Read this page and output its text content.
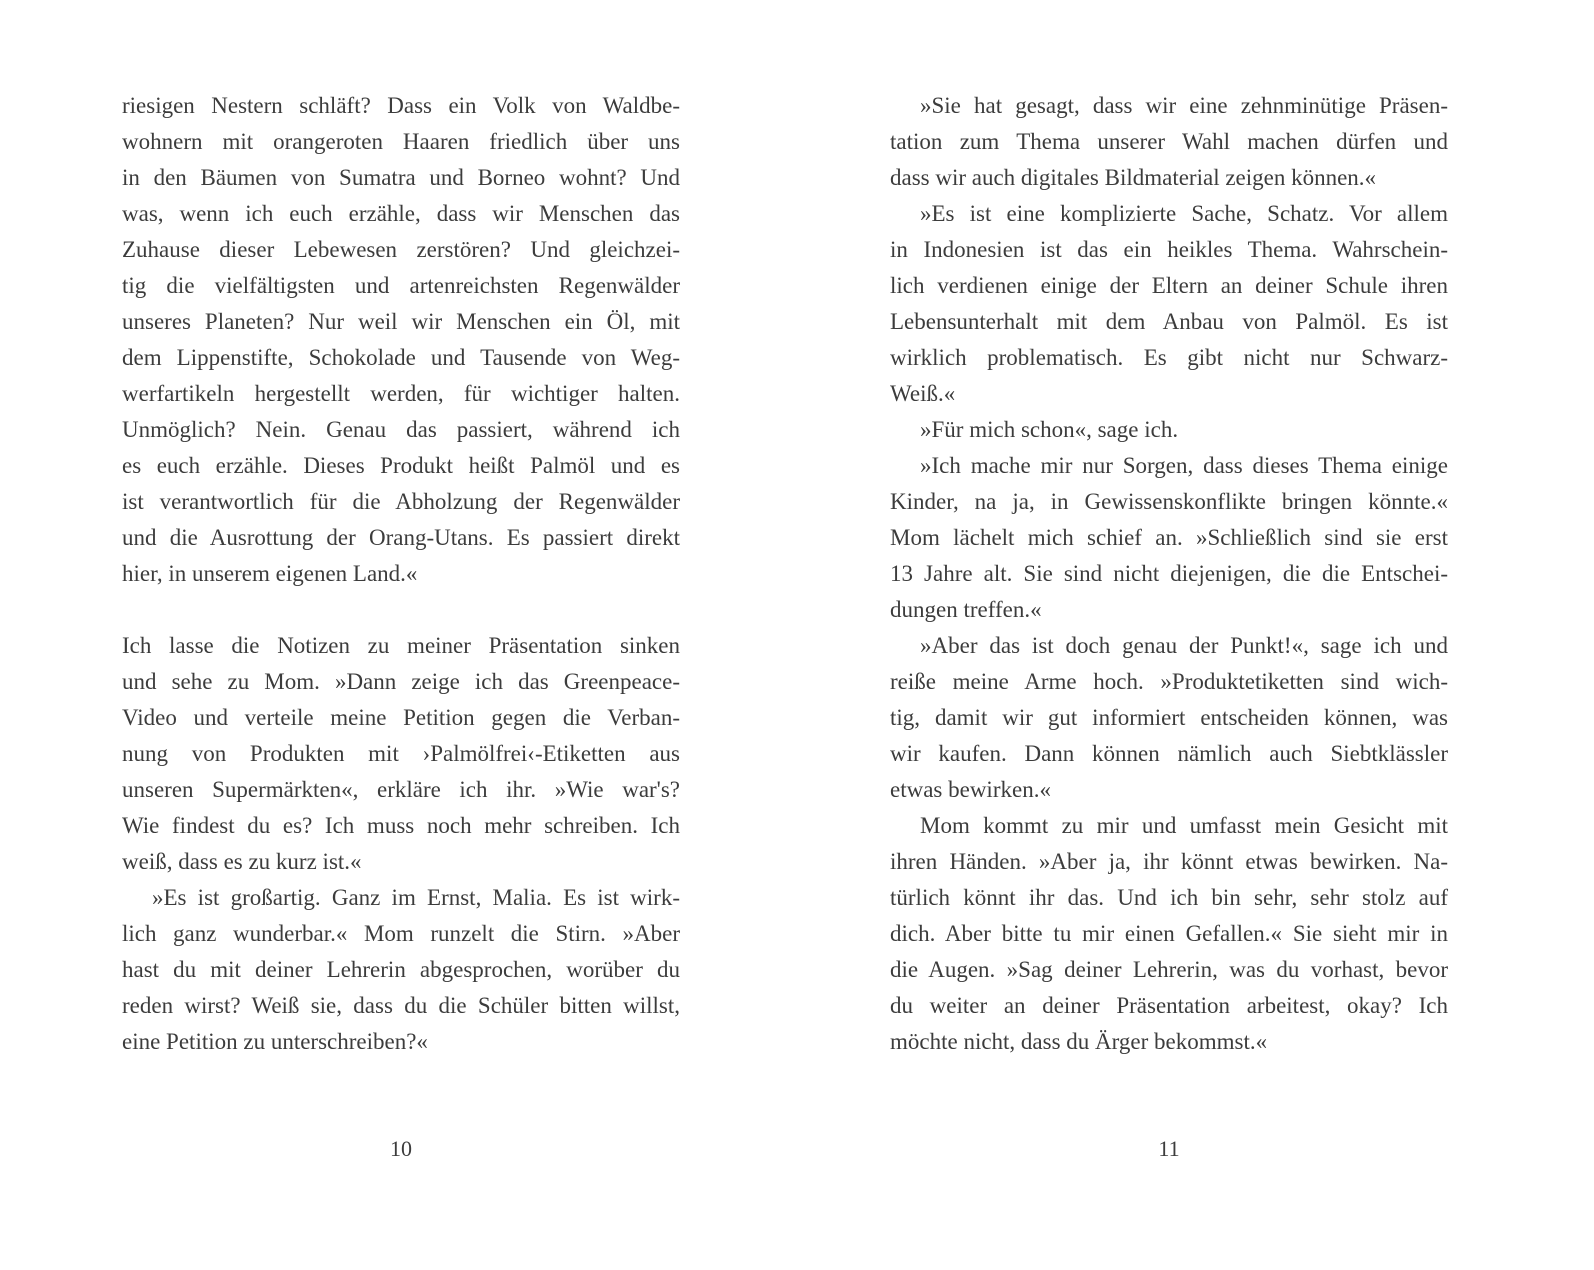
riesigen Nestern schläft? Dass ein Volk von Waldbe-
wohnern mit orangeroten Haaren friedlich über uns
in den Bäumen von Sumatra und Borneo wohnt? Und
was, wenn ich euch erzähle, dass wir Menschen das
Zuhause dieser Lebewesen zerstören? Und gleichzei-
tig die vielfältigsten und artenreichsten Regenwälder
unseres Planeten? Nur weil wir Menschen ein Öl, mit
dem Lippenstifte, Schokolade und Tausende von Weg-
werfartikeln hergestellt werden, für wichtiger halten.
Unmöglich? Nein. Genau das passiert, während ich
es euch erzähle. Dieses Produkt heißt Palmöl und es
ist verantwortlich für die Abholzung der Regenwälder
und die Ausrottung der Orang-Utans. Es passiert direkt
hier, in unserem eigenen Land.«
Ich lasse die Notizen zu meiner Präsentation sinken
und sehe zu Mom. »Dann zeige ich das Greenpeace-
Video und verteile meine Petition gegen die Verban-
nung von Produkten mit ›Palmölfrei‹-Etiketten aus
unseren Supermärkten«, erkläre ich ihr. »Wie war's?
Wie findest du es? Ich muss noch mehr schreiben. Ich
weiß, dass es zu kurz ist.«
»Es ist großartig. Ganz im Ernst, Malia. Es ist wirk-
lich ganz wunderbar.« Mom runzelt die Stirn. »Aber
hast du mit deiner Lehrerin abgesprochen, worüber du
reden wirst? Weiß sie, dass du die Schüler bitten willst,
eine Petition zu unterschreiben?«
10
»Sie hat gesagt, dass wir eine zehnminütige Präsen-
tation zum Thema unserer Wahl machen dürfen und
dass wir auch digitales Bildmaterial zeigen können.«
»Es ist eine komplizierte Sache, Schatz. Vor allem
in Indonesien ist das ein heikles Thema. Wahrschein-
lich verdienen einige der Eltern an deiner Schule ihren
Lebensunterhalt mit dem Anbau von Palmöl. Es ist
wirklich problematisch. Es gibt nicht nur Schwarz-
Weiß.«
»Für mich schon«, sage ich.
»Ich mache mir nur Sorgen, dass dieses Thema einige
Kinder, na ja, in Gewissenskonflikte bringen könnte.«
Mom lächelt mich schief an. »Schließlich sind sie erst
13 Jahre alt. Sie sind nicht diejenigen, die die Entschei-
dungen treffen.«
»Aber das ist doch genau der Punkt!«, sage ich und
reiße meine Arme hoch. »Produktetiketten sind wich-
tig, damit wir gut informiert entscheiden können, was
wir kaufen. Dann können nämlich auch Siebtklässler
etwas bewirken.«
Mom kommt zu mir und umfasst mein Gesicht mit
ihren Händen. »Aber ja, ihr könnt etwas bewirken. Na-
türlich könnt ihr das. Und ich bin sehr, sehr stolz auf
dich. Aber bitte tu mir einen Gefallen.« Sie sieht mir in
die Augen. »Sag deiner Lehrerin, was du vorhast, bevor
du weiter an deiner Präsentation arbeitest, okay? Ich
möchte nicht, dass du Ärger bekommst.«
11
